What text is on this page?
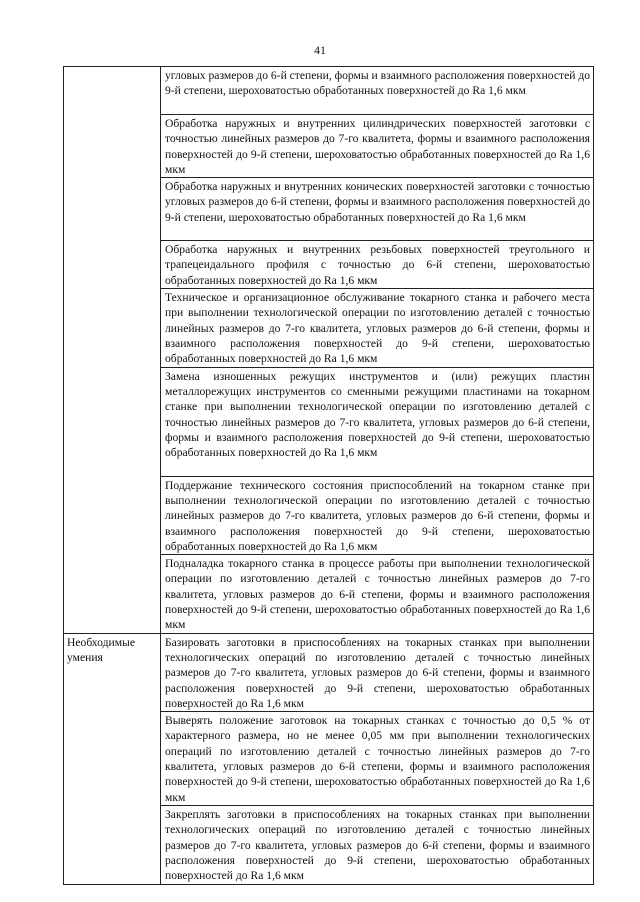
41

	угловых размеров до 6-й степени, формы и взаимного расположения поверхностей до 9-й степени, шероховатостью обработанных поверхностей до Ra 1,6 мкм

	Обработка наружных и внутренних цилиндрических поверхностей заготовки с точностью линейных размеров до 7-го квалитета, формы и взаимного расположения поверхностей до 9-й степени, шероховатостью обработанных поверхностей до Ra 1,6 мкм

	Обработка наружных и внутренних конических поверхностей заготовки с точностью угловых размеров до 6-й степени, формы и взаимного расположения поверхностей до 9-й степени, шероховатостью обработанных поверхностей до Ra 1,6 мкм

	Обработка наружных и внутренних резьбовых поверхностей треугольного и трапецеидального профиля с точностью до 6-й степени, шероховатостью обработанных поверхностей до Ra 1,6 мкм

	Техническое и организационное обслуживание токарного станка и рабочего места при выполнении технологической операции по изготовлению деталей с точностью линейных размеров до 7-го квалитета, угловых размеров до 6-й степени, формы и взаимного расположения поверхностей до 9-й степени, шероховатостью обработанных поверхностей до Ra 1,6 мкм

	Замена изношенных режущих инструментов и (или) режущих пластин металлорежущих инструментов со сменными режущими пластинами на токарном станке при выполнении технологической операции по изготовлению деталей с точностью линейных размеров до 7-го квалитета, угловых размеров до 6-й степени, формы и взаимного расположения поверхностей до 9-й степени, шероховатостью обработанных поверхностей до Ra 1,6 мкм

	Поддержание технического состояния приспособлений на токарном станке при выполнении технологической операции по изготовлению деталей с точностью линейных размеров до 7-го квалитета, угловых размеров до 6-й степени, формы и взаимного расположения поверхностей до 9-й степени, шероховатостью обработанных поверхностей до Ra 1,6 мкм

	Подналадка токарного станка в процессе работы при выполнении технологической операции по изготовлению деталей с точностью линейных размеров до 7-го квалитета, угловых размеров до 6-й степени, формы и взаимного расположения поверхностей до 9-й степени, шероховатостью обработанных поверхностей до Ra 1,6 мкм

Необходимые умения	Базировать заготовки в приспособлениях на токарных станках при выполнении технологических операций по изготовлению деталей с точностью линейных размеров до 7-го квалитета, угловых размеров до 6-й степени, формы и взаимного расположения поверхностей до 9-й степени, шероховатостью обработанных поверхностей до Ra 1,6 мкм

	Выверять положение заготовок на токарных станках с точностью до 0,5 % от характерного размера, но не менее 0,05 мм при выполнении технологических операций по изготовлению деталей с точностью линейных размеров до 7-го квалитета, угловых размеров до 6-й степени, формы и взаимного расположения поверхностей до 9-й степени, шероховатостью обработанных поверхностей до Ra 1,6 мкм

	Закреплять заготовки в приспособлениях на токарных станках при выполнении технологических операций по изготовлению деталей с точностью линейных размеров до 7-го квалитета, угловых размеров до 6-й степени, формы и взаимного расположения поверхностей до 9-й степени, шероховатостью обработанных поверхностей до Ra 1,6 мкм
